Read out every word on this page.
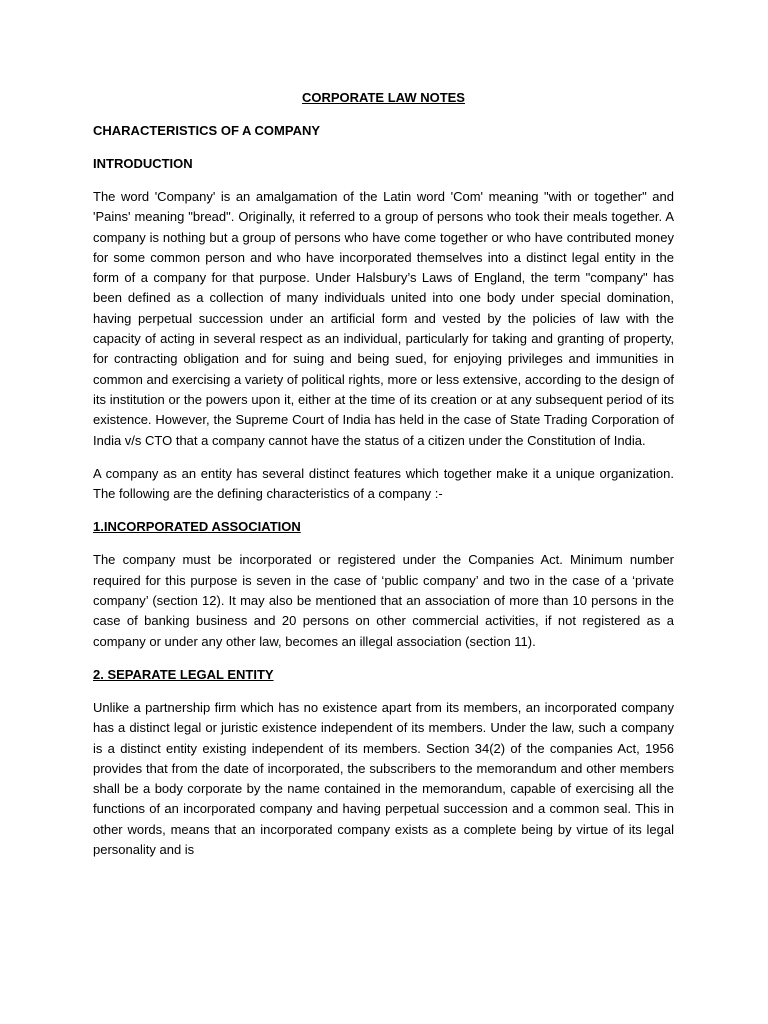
CORPORATE LAW NOTES
CHARACTERISTICS OF A COMPANY
INTRODUCTION

The word 'Company' is an amalgamation of the Latin word 'Com' meaning "with or together" and 'Pains' meaning "bread". Originally, it referred to a group of persons who took their meals together. A company is nothing but a group of persons who have come together or who have contributed money for some common person and who have incorporated themselves into a distinct legal entity in the form of a company for that purpose. Under Halsbury’s Laws of England, the term "company" has been defined as a collection of many individuals united into one body under special domination, having perpetual succession under an artificial form and vested by the policies of law with the capacity of acting in several respect as an individual, particularly for taking and granting of property, for contracting obligation and for suing and being sued, for enjoying privileges and immunities in common and exercising a variety of political rights, more or less extensive, according to the design of its institution or the powers upon it, either at the time of its creation or at any subsequent period of its existence. However, the Supreme Court of India has held in the case of State Trading Corporation of India v/s CTO that a company cannot have the status of a citizen under the Constitution of India.

A company as an entity has several distinct features which together make it a unique organization. The following are the defining characteristics of a company :-

1.INCORPORATED ASSOCIATION

The company must be incorporated or registered under the Companies Act. Minimum number required for this purpose is seven in the case of ‘public company’ and two in the case of a ‘private company’ (section 12). It may also be mentioned that an association of more than 10 persons in the case of banking business and 20 persons on other commercial activities, if not registered as a company or under any other law, becomes an illegal association (section 11).

2. SEPARATE LEGAL ENTITY

Unlike a partnership firm which has no existence apart from its members, an incorporated company has a distinct legal or juristic existence independent of its members. Under the law, such a company is a distinct entity existing independent of its members. Section 34(2) of the companies Act, 1956 provides that from the date of incorporated, the subscribers to the memorandum and other members shall be a body corporate by the name contained in the memorandum, capable of exercising all the functions of an incorporated company and having perpetual succession and a common seal. This in other words, means that an incorporated company exists as a complete being by virtue of its legal personality and is
